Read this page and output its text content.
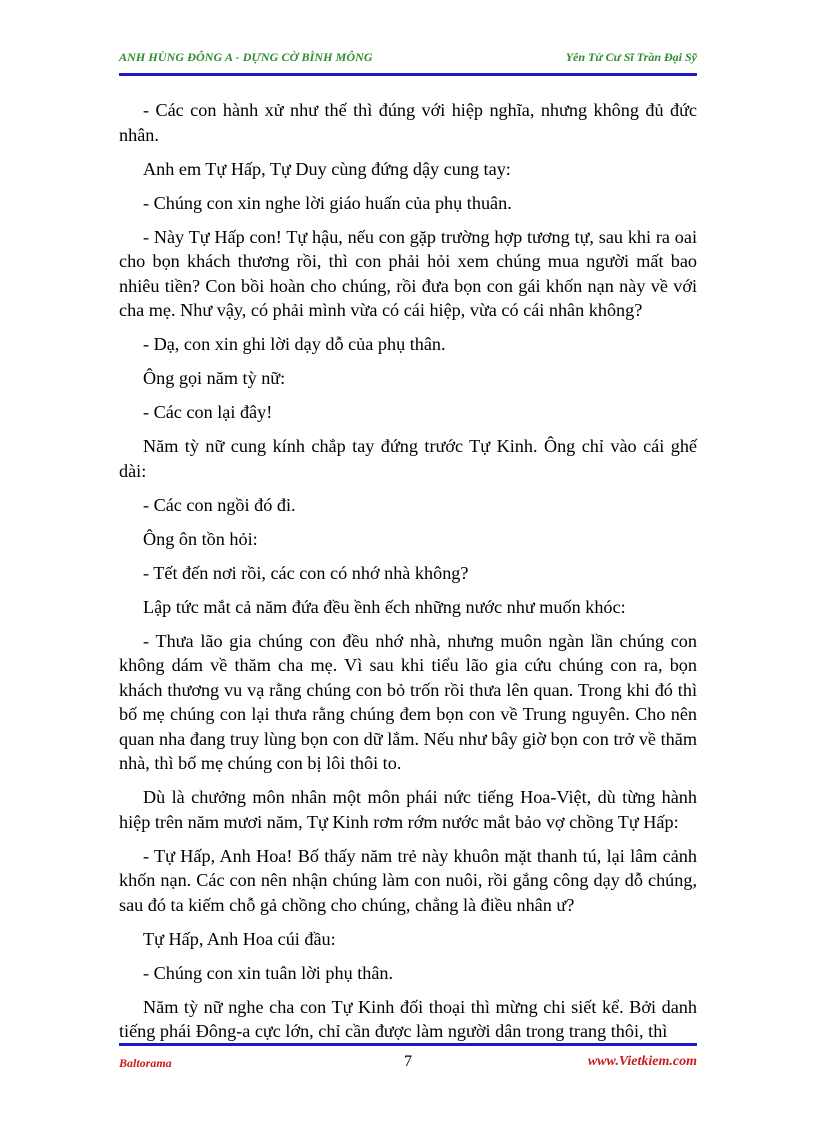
ANH HÙNG ĐÔNG A - DỰNG CỜ BÌNH MÔNG	Yên Tử Cư Sĩ Trần Đại Sỹ

- Các con hành xử như thế thì đúng với hiệp nghĩa, nhưng không đủ đức nhân.

Anh em Tự Hấp, Tự Duy cùng đứng dậy cung tay:

- Chúng con xin nghe lời giáo huấn của phụ thuân.

- Này Tự Hấp con! Tự hậu, nếu con gặp trường hợp tương tự, sau khi ra oai cho bọn khách thương rồi, thì con phải hỏi xem chúng mua người mất bao nhiêu tiền? Con bồi hoàn cho chúng, rồi đưa bọn con gái khốn nạn này về với cha mẹ. Như vậy, có phải mình vừa có cái hiệp, vừa có cái nhân không?

- Dạ, con xin ghi lời dạy dỗ của phụ thân.

Ông gọi năm tỳ nữ:

- Các con lại đây!

Năm tỳ nữ cung kính chắp tay đứng trước Tự Kinh. Ông chỉ vào cái ghế dài:

- Các con ngồi đó đi.

Ông ôn tồn hỏi:

- Tết đến nơi rồi, các con có nhớ nhà không?

Lập tức mắt cả năm đứa đều ềnh ếch những nước như muốn khóc:

- Thưa lão gia chúng con đều nhớ nhà, nhưng muôn ngàn lần chúng con không dám về thăm cha mẹ. Vì sau khi tiểu lão gia cứu chúng con ra, bọn khách thương vu vạ rằng chúng con bỏ trốn rồi thưa lên quan. Trong khi đó thì bố mẹ chúng con lại thưa rằng chúng đem bọn con về Trung nguyên. Cho nên quan nha đang truy lùng bọn con dữ lắm. Nếu như bây giờ bọn con trở về thăm nhà, thì bố mẹ chúng con bị lôi thôi to.

Dù là chưởng môn nhân một môn phái nức tiếng Hoa-Việt, dù từng hành hiệp trên năm mươi năm, Tự Kinh rơm rớm nước mắt bảo vợ chồng Tự Hấp:

- Tự Hấp, Anh Hoa! Bố thấy năm trẻ này khuôn mặt thanh tú, lại lâm cảnh khốn nạn. Các con nên nhận chúng làm con nuôi, rồi gắng công dạy dỗ chúng, sau đó ta kiếm chỗ gả chồng cho chúng, chẳng là điều nhân ư?

Tự Hấp, Anh Hoa cúi đầu:

- Chúng con xin tuân lời phụ thân.

Năm tỳ nữ nghe cha con Tự Kinh đối thoại thì mừng chi siết kể. Bởi danh tiếng phái Đông-a cực lớn, chỉ cần được làm người dân trong trang thôi, thì

Baltorama	7	www.Vietkiem.com
